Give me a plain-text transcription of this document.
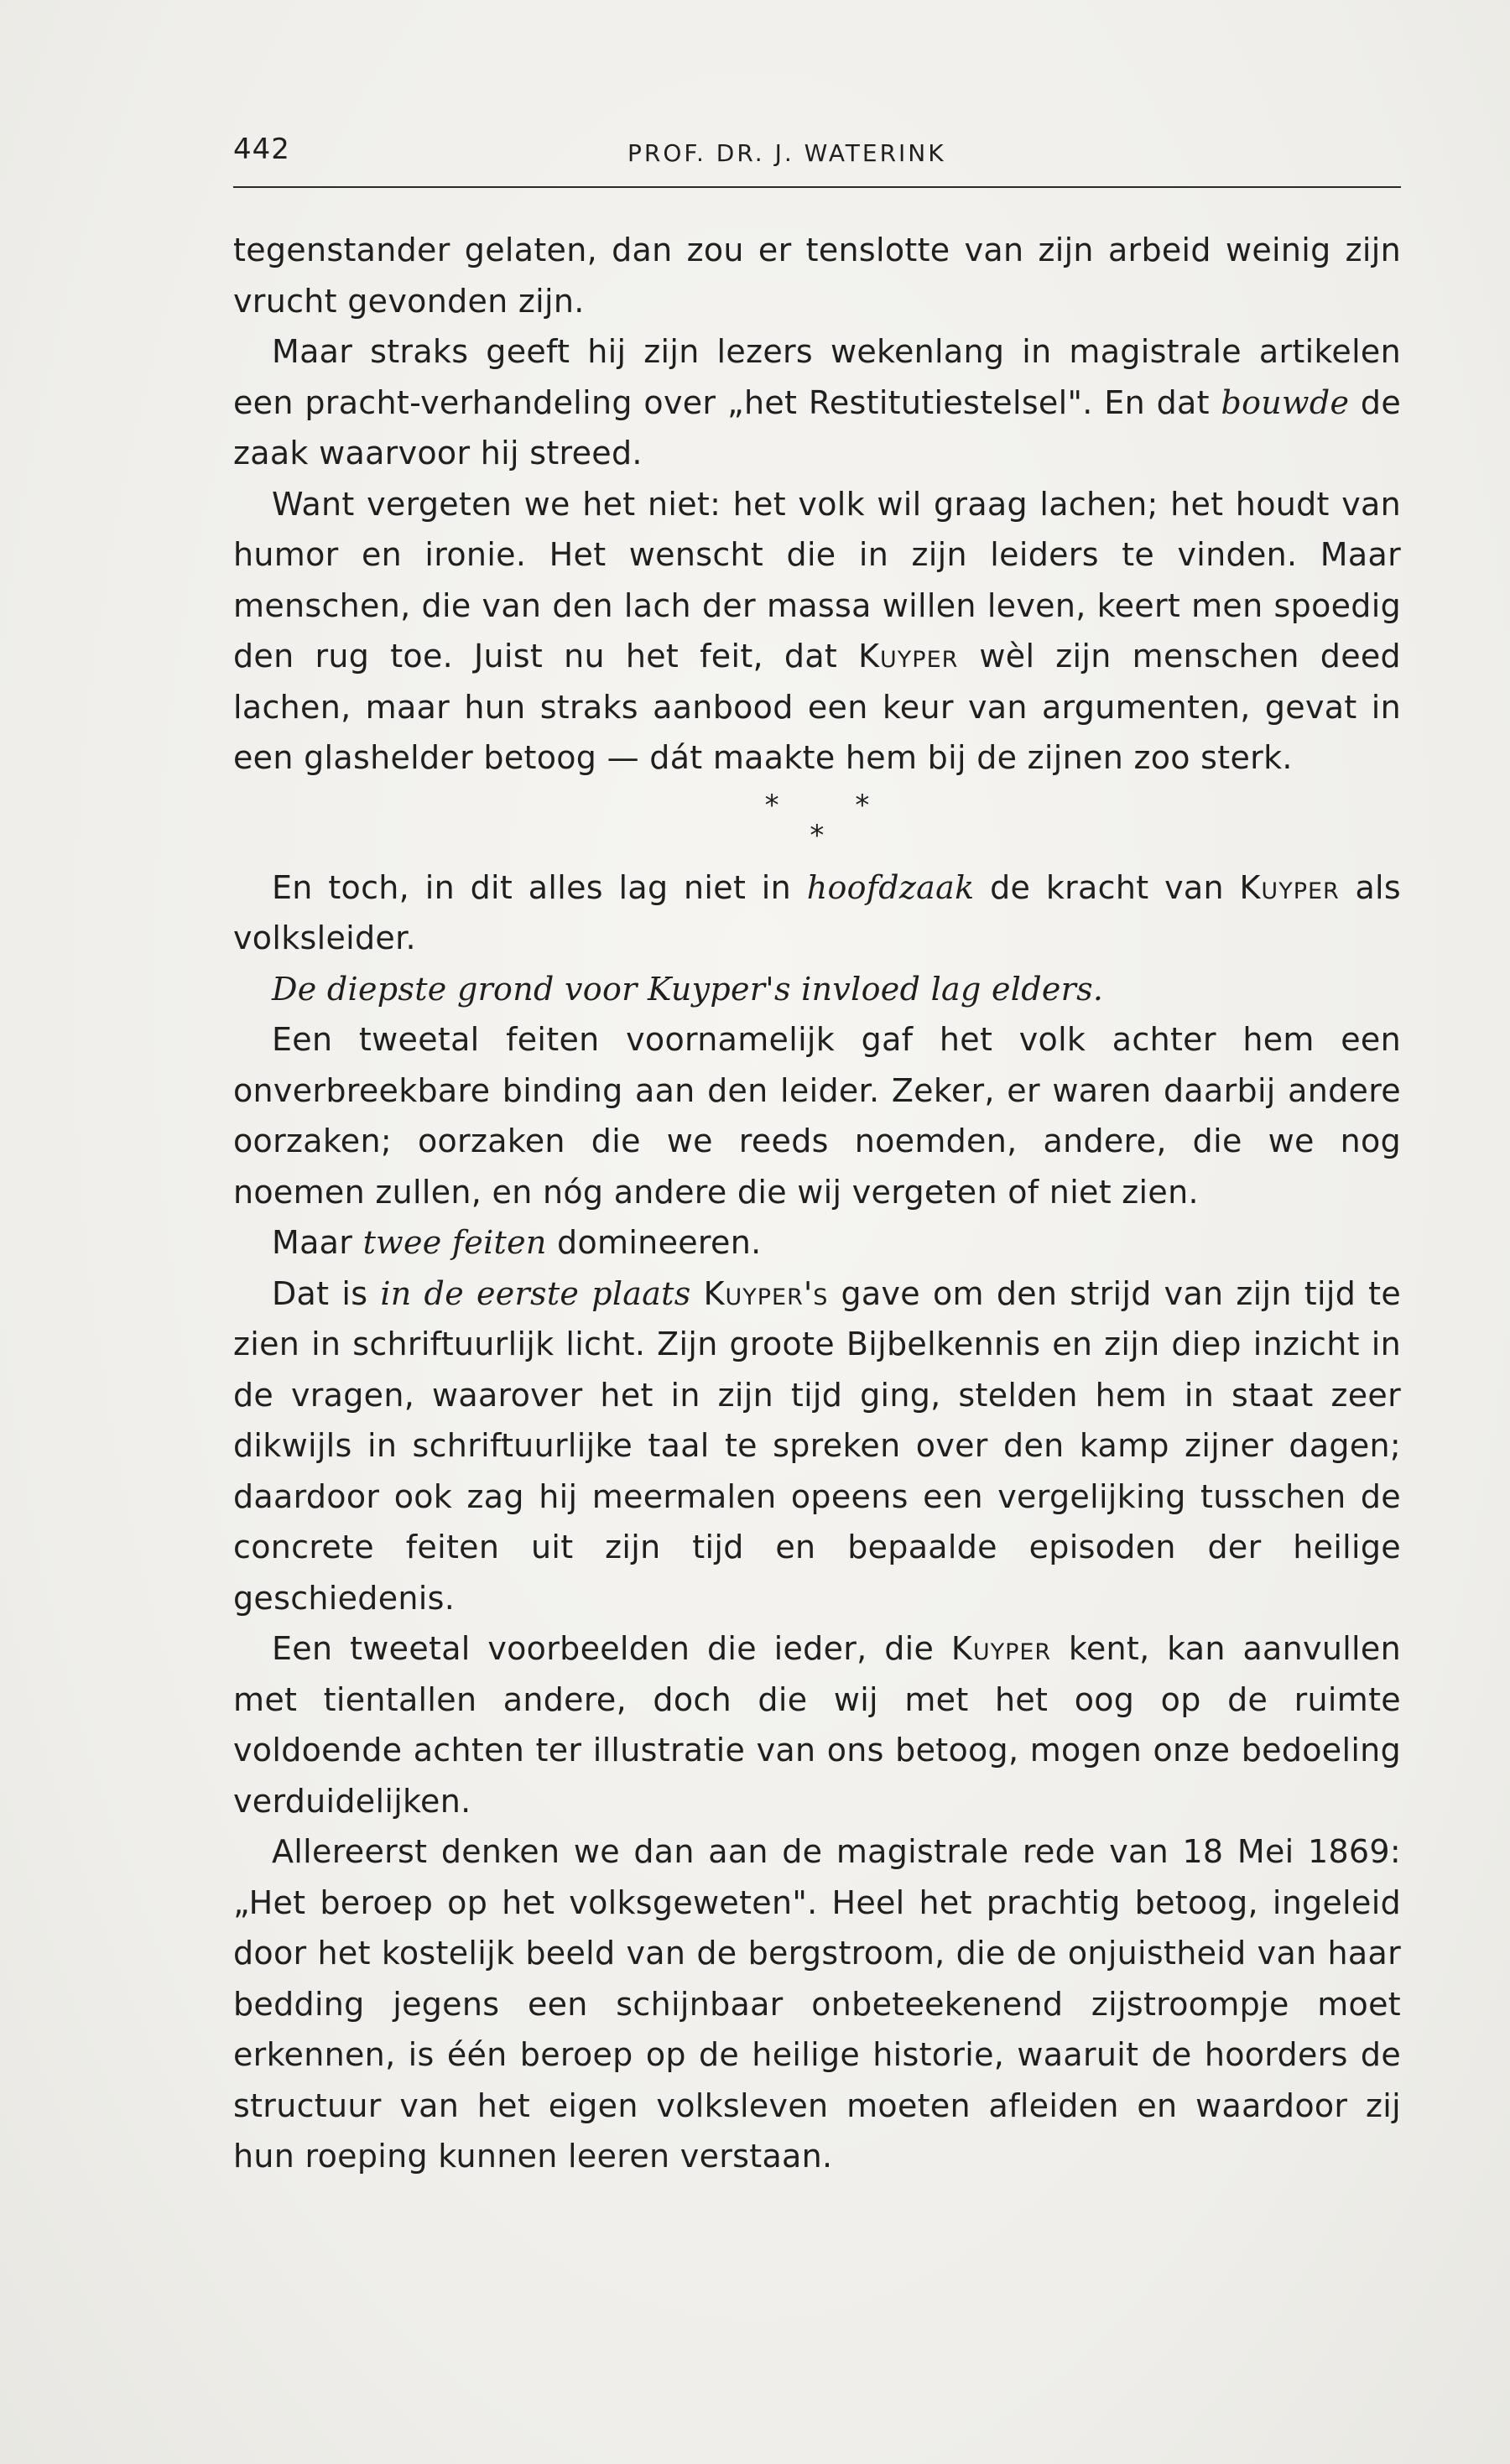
442	PROF. DR. J. WATERINK

tegenstander gelaten, dan zou er tenslotte van zijn arbeid weinig zijn vrucht gevonden zijn.

Maar straks geeft hij zijn lezers wekenlang in magistrale artikelen een pracht-verhandeling over „het Restitutiestelsel". En dat bouwde de zaak waarvoor hij streed.

Want vergeten we het niet: het volk wil graag lachen; het houdt van humor en ironie. Het wenscht die in zijn leiders te vinden. Maar menschen, die van den lach der massa willen leven, keert men spoedig den rug toe. Juist nu het feit, dat Kuyper wèl zijn menschen deed lachen, maar hun straks aanbood een keur van argumenten, gevat in een glashelder betoog — dát maakte hem bij de zijnen zoo sterk.

* *
*

En toch, in dit alles lag niet in hoofdzaak de kracht van Kuyper als volksleider.

De diepste grond voor Kuyper's invloed lag elders.

Een tweetal feiten voornamelijk gaf het volk achter hem een onverbreekbare binding aan den leider. Zeker, er waren daarbij andere oorzaken; oorzaken die we reeds noemden, andere, die we nog noemen zullen, en nóg andere die wij vergeten of niet zien.

Maar twee feiten domineeren.

Dat is in de eerste plaats Kuyper's gave om den strijd van zijn tijd te zien in schriftuurlijk licht. Zijn groote Bijbelkennis en zijn diep inzicht in de vragen, waarover het in zijn tijd ging, stelden hem in staat zeer dikwijls in schriftuurlijke taal te spreken over den kamp zijner dagen; daardoor ook zag hij meermalen opeens een vergelijking tusschen de concrete feiten uit zijn tijd en bepaalde episoden der heilige geschiedenis.

Een tweetal voorbeelden die ieder, die Kuyper kent, kan aanvullen met tientallen andere, doch die wij met het oog op de ruimte voldoende achten ter illustratie van ons betoog, mogen onze bedoeling verduidelijken.

Allereerst denken we dan aan de magistrale rede van 18 Mei 1869: „Het beroep op het volksgeweten". Heel het prachtig betoog, ingeleid door het kostelijk beeld van de bergstroom, die de onjuistheid van haar bedding jegens een schijnbaar onbeteekenend zijstroompje moet erkennen, is één beroep op de heilige historie, waaruit de hoorders de structuur van het eigen volksleven moeten afleiden en waardoor zij hun roeping kunnen leeren verstaan.
